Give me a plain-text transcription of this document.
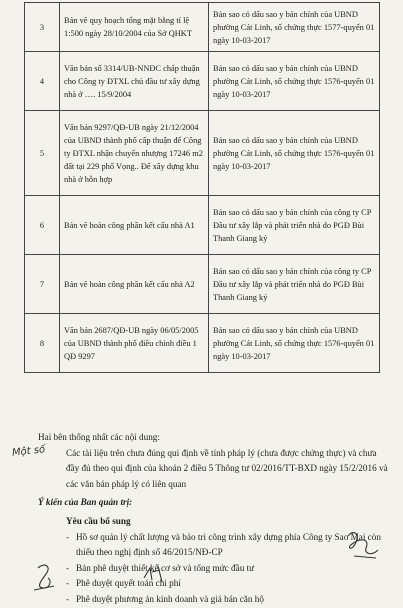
3	Bản vẽ quy hoạch tổng mặt bằng tỉ lệ 1:500 ngày 28/10/2004 của Sở QHKT	Bản sao có dấu sao y bản chính của UBND phường Cát Linh, số chứng thực 1577-quyển 01 ngày 10-03-2017
4	Văn bản số 3314/UB-NNĐC chấp thuận cho Công ty ĐTXL chủ đầu tư xây dựng nhà ở …. 15/9/2004	Bản sao có dấu sao y bản chính của UBND phường Cát Linh, số chứng thực 1576-quyển 01 ngày 10-03-2017
5	Văn bản 9297/QĐ-UB ngày 21/12/2004 của UBND thành phố cấp thuận để Công ty ĐTXL nhận chuyển nhượng 17246 m2 đất tại 229 phố Vọng.. Để xây dựng khu nhà ở hỗn hợp	Bản sao có dấu sao y bản chính của UBND phường Cát Linh, số chứng thực 1576-quyển 01 ngày 10-03-2017
6	Bản vẽ hoàn công phần kết cấu nhà A1	Bản sao có dấu sao y bản chính của công ty CP Đầu tư xây lắp và phát triển nhà do PGĐ Bùi Thanh Giang ký
7	Bản vẽ hoàn công phần kết cấu nhà A2	Bản sao có dấu sao y bản chính của công ty CP Đầu tư xây lắp và phát triển nhà do PGĐ Bùi Thanh Giang ký
8	Văn bản 2687/QĐ-UB ngày 06/05/2005 của UBND thành phố điều chỉnh điều 1 QĐ 9297	Bản sao có dấu sao y bản chính của UBND phường Cát Linh, số chứng thực 1576-quyển 01 ngày 10-03-2017

Hai bên thống nhất các nội dung:

Các tài liệu trên chưa đúng qui định về tính pháp lý (chưa được chứng thực) và chưa đầy đủ theo qui định của khoản 2 điều 5 Thông tư 02/2016/TT-BXD ngày 15/2/2016 và các văn bản pháp lý có liên quan

Ý kiến của Ban quản trị:

Yêu cầu bổ sung

- Hồ sơ quản lý chất lượng và bảo trì công trình xây dựng phía Công ty Sao Mai còn thiếu theo nghị định số 46/2015/NĐ-CP
- Bản phê duyệt thiết kế cơ sở và tổng mức đầu tư
- Phê duyệt quyết toán chi phí
- Phê duyệt phương án kinh doanh và giá bán căn hộ
Một số
